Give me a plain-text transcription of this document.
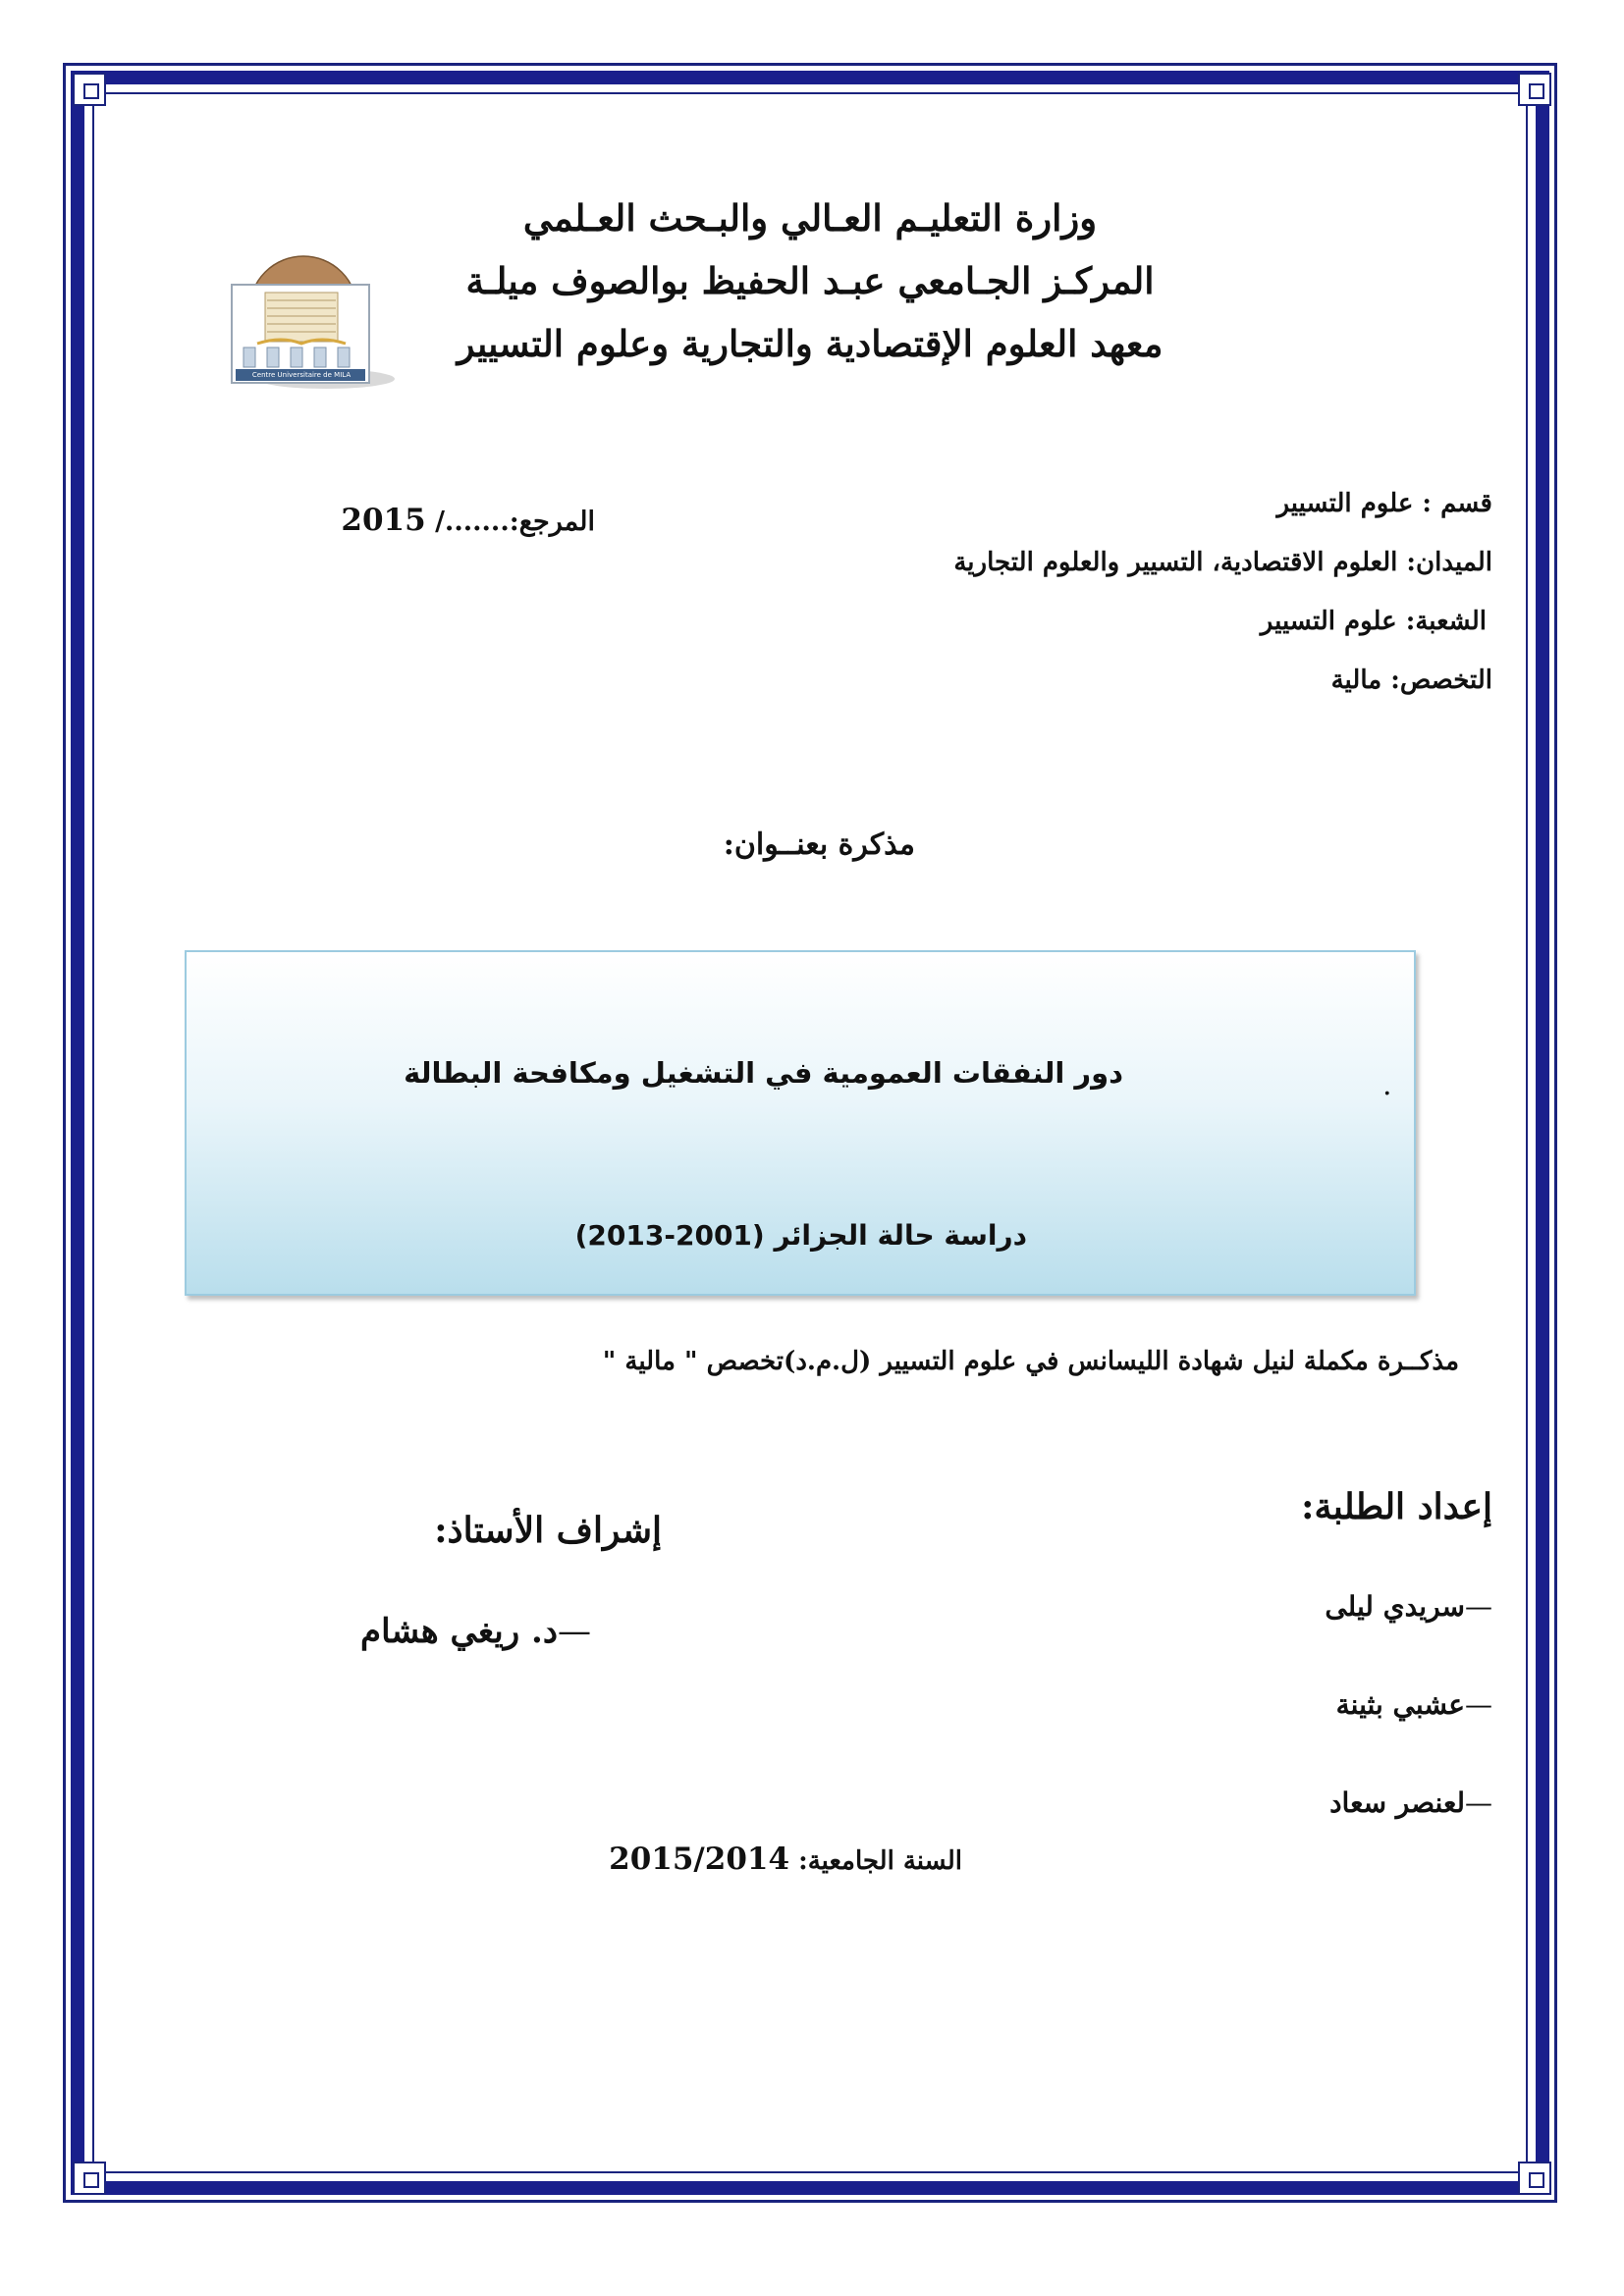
وزارة التعليـم العـالي والبـحث العـلمي
المركـز الجـامعي عبـد الحفيظ بوالصوف ميلـة
معهد العلوم الإقتصادية والتجارية وعلوم التسيير
Centre Universitaire de MILA
المرجع:......./ 2015	قسم : علوم التسيير
الميدان: العلوم الاقتصادية، التسيير والعلوم التجارية
الشعبة: علوم التسيير
التخصص: مالية
مذكرة بعنــوان:
.
دور النفقات العمومية في التشغيل ومكافحة البطالة
دراسة حالة الجزائر (2001-2013)
مذكــرة مكملة لنيل شهادة الليسانس في علوم التسيير (ل.م.د)تخصص " مالية "
إعداد الطلبة:
—سريدي ليلى
—عشبي بثينة
—لعنصر سعاد
إشراف الأستاذ:
—د. ريغي هشام
السنة الجامعية: 2015/2014
